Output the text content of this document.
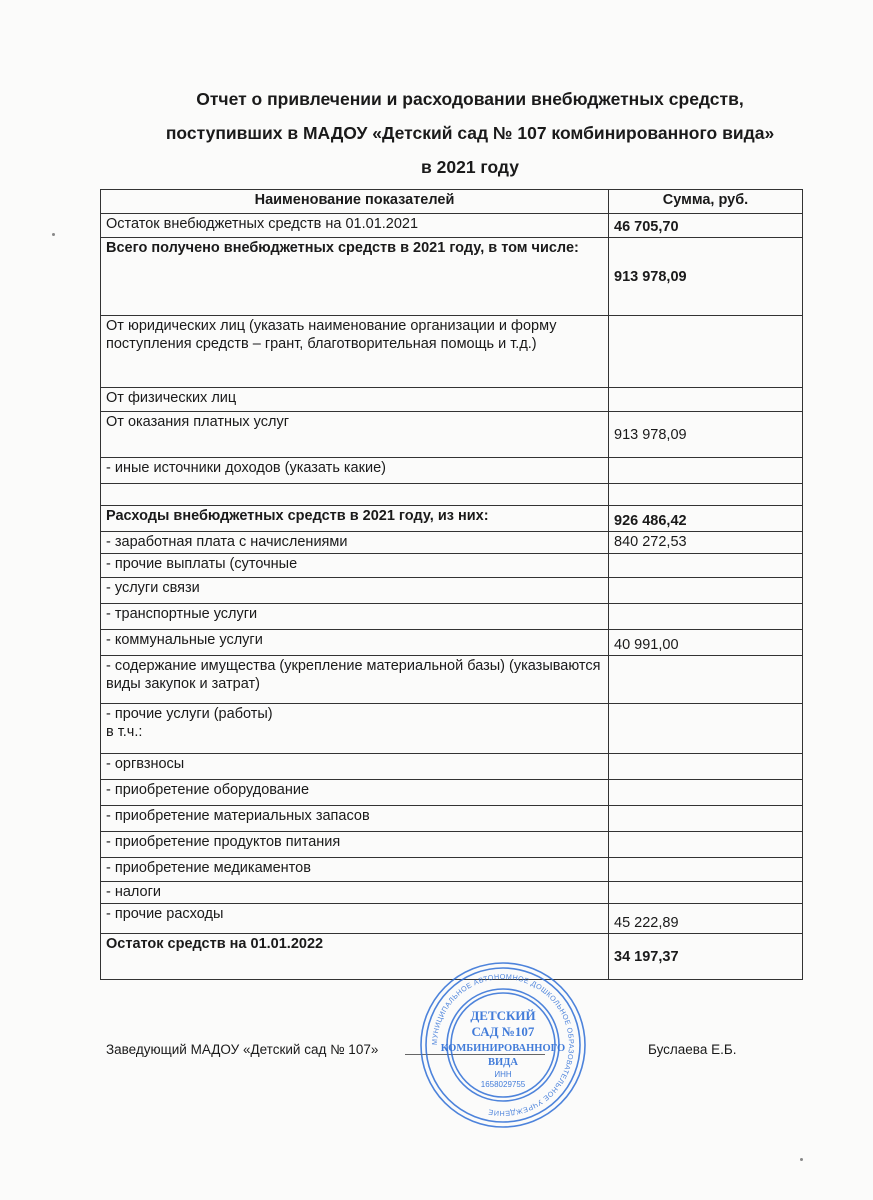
Отчет о привлечении и расходовании внебюджетных средств,
поступивших в МАДОУ «Детский сад № 107 комбинированного вида»
в 2021 году
Наименование показателей	Сумма, руб.
Остаток внебюджетных средств на 01.01.2021	46 705,70
Всего получено внебюджетных средств в 2021 году, в том числе:	913 978,09
От юридических лиц (указать наименование организации и форму поступления средств – грант, благотворительная помощь и т.д.)	
От физических лиц	
От оказания платных услуг	913 978,09
- иные источники доходов (указать какие)	

Расходы внебюджетных средств в 2021 году, из них:	926 486,42
- заработная плата с начислениями	840 272,53
- прочие выплаты (суточные	
- услуги связи	
- транспортные услуги	
- коммунальные услуги	40 991,00
- содержание имущества (укрепление материальной базы) (указываются виды закупок и затрат)	

- прочие услуги (работы)
в т.ч.:	

- оргвзносы	
- приобретение оборудование	
- приобретение материальных запасов	
- приобретение продуктов питания	
- приобретение медикаментов	
- налоги	
- прочие расходы	45 222,89
Остаток средств на 01.01.2022	34 197,37
Заведующий МАДОУ «Детский сад № 107»	Буслаева Е.Б.
МУНИЦИПАЛЬНОЕ АВТОНОМНОЕ ДОШКОЛЬНОЕ ОБРАЗОВАТЕЛЬНОЕ УЧРЕЖДЕНИЕ
ДЕТСКИЙ
САД №107
КОМБИНИРОВАННОГО
ВИДА
ИНН
1658029755
